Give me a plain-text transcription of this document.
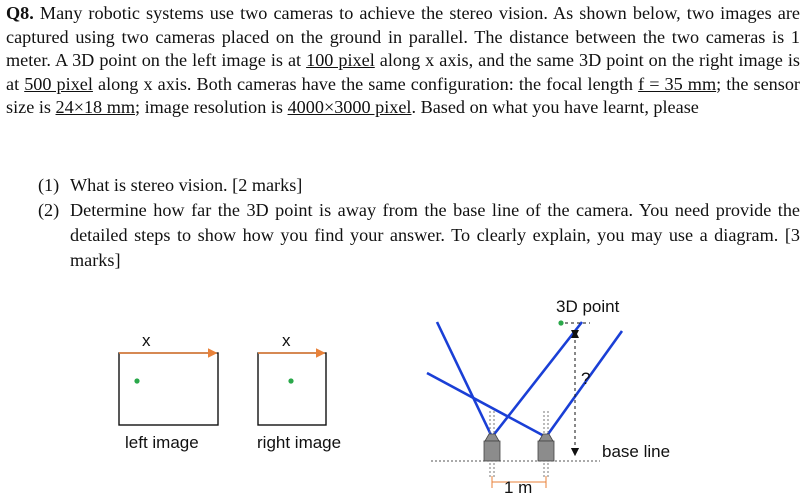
Q8. Many robotic systems use two cameras to achieve the stereo vision. As shown below, two images are captured using two cameras placed on the ground in parallel. The distance between the two cameras is 1 meter. A 3D point on the left image is at 100 pixel along x axis, and the same 3D point on the right image is at 500 pixel along x axis. Both cameras have the same configuration: the focal length f = 35 mm; the sensor size is 24×18 mm; image resolution is 4000×3000 pixel. Based on what you have learnt, please
(1) What is stereo vision. [2 marks]
(2) Determine how far the 3D point is away from the base line of the camera. You need provide the detailed steps to show how you find your answer. To clearly explain, you may use a diagram. [3 marks]
x	x
left image	right image
3D point
?
base line
1 m
